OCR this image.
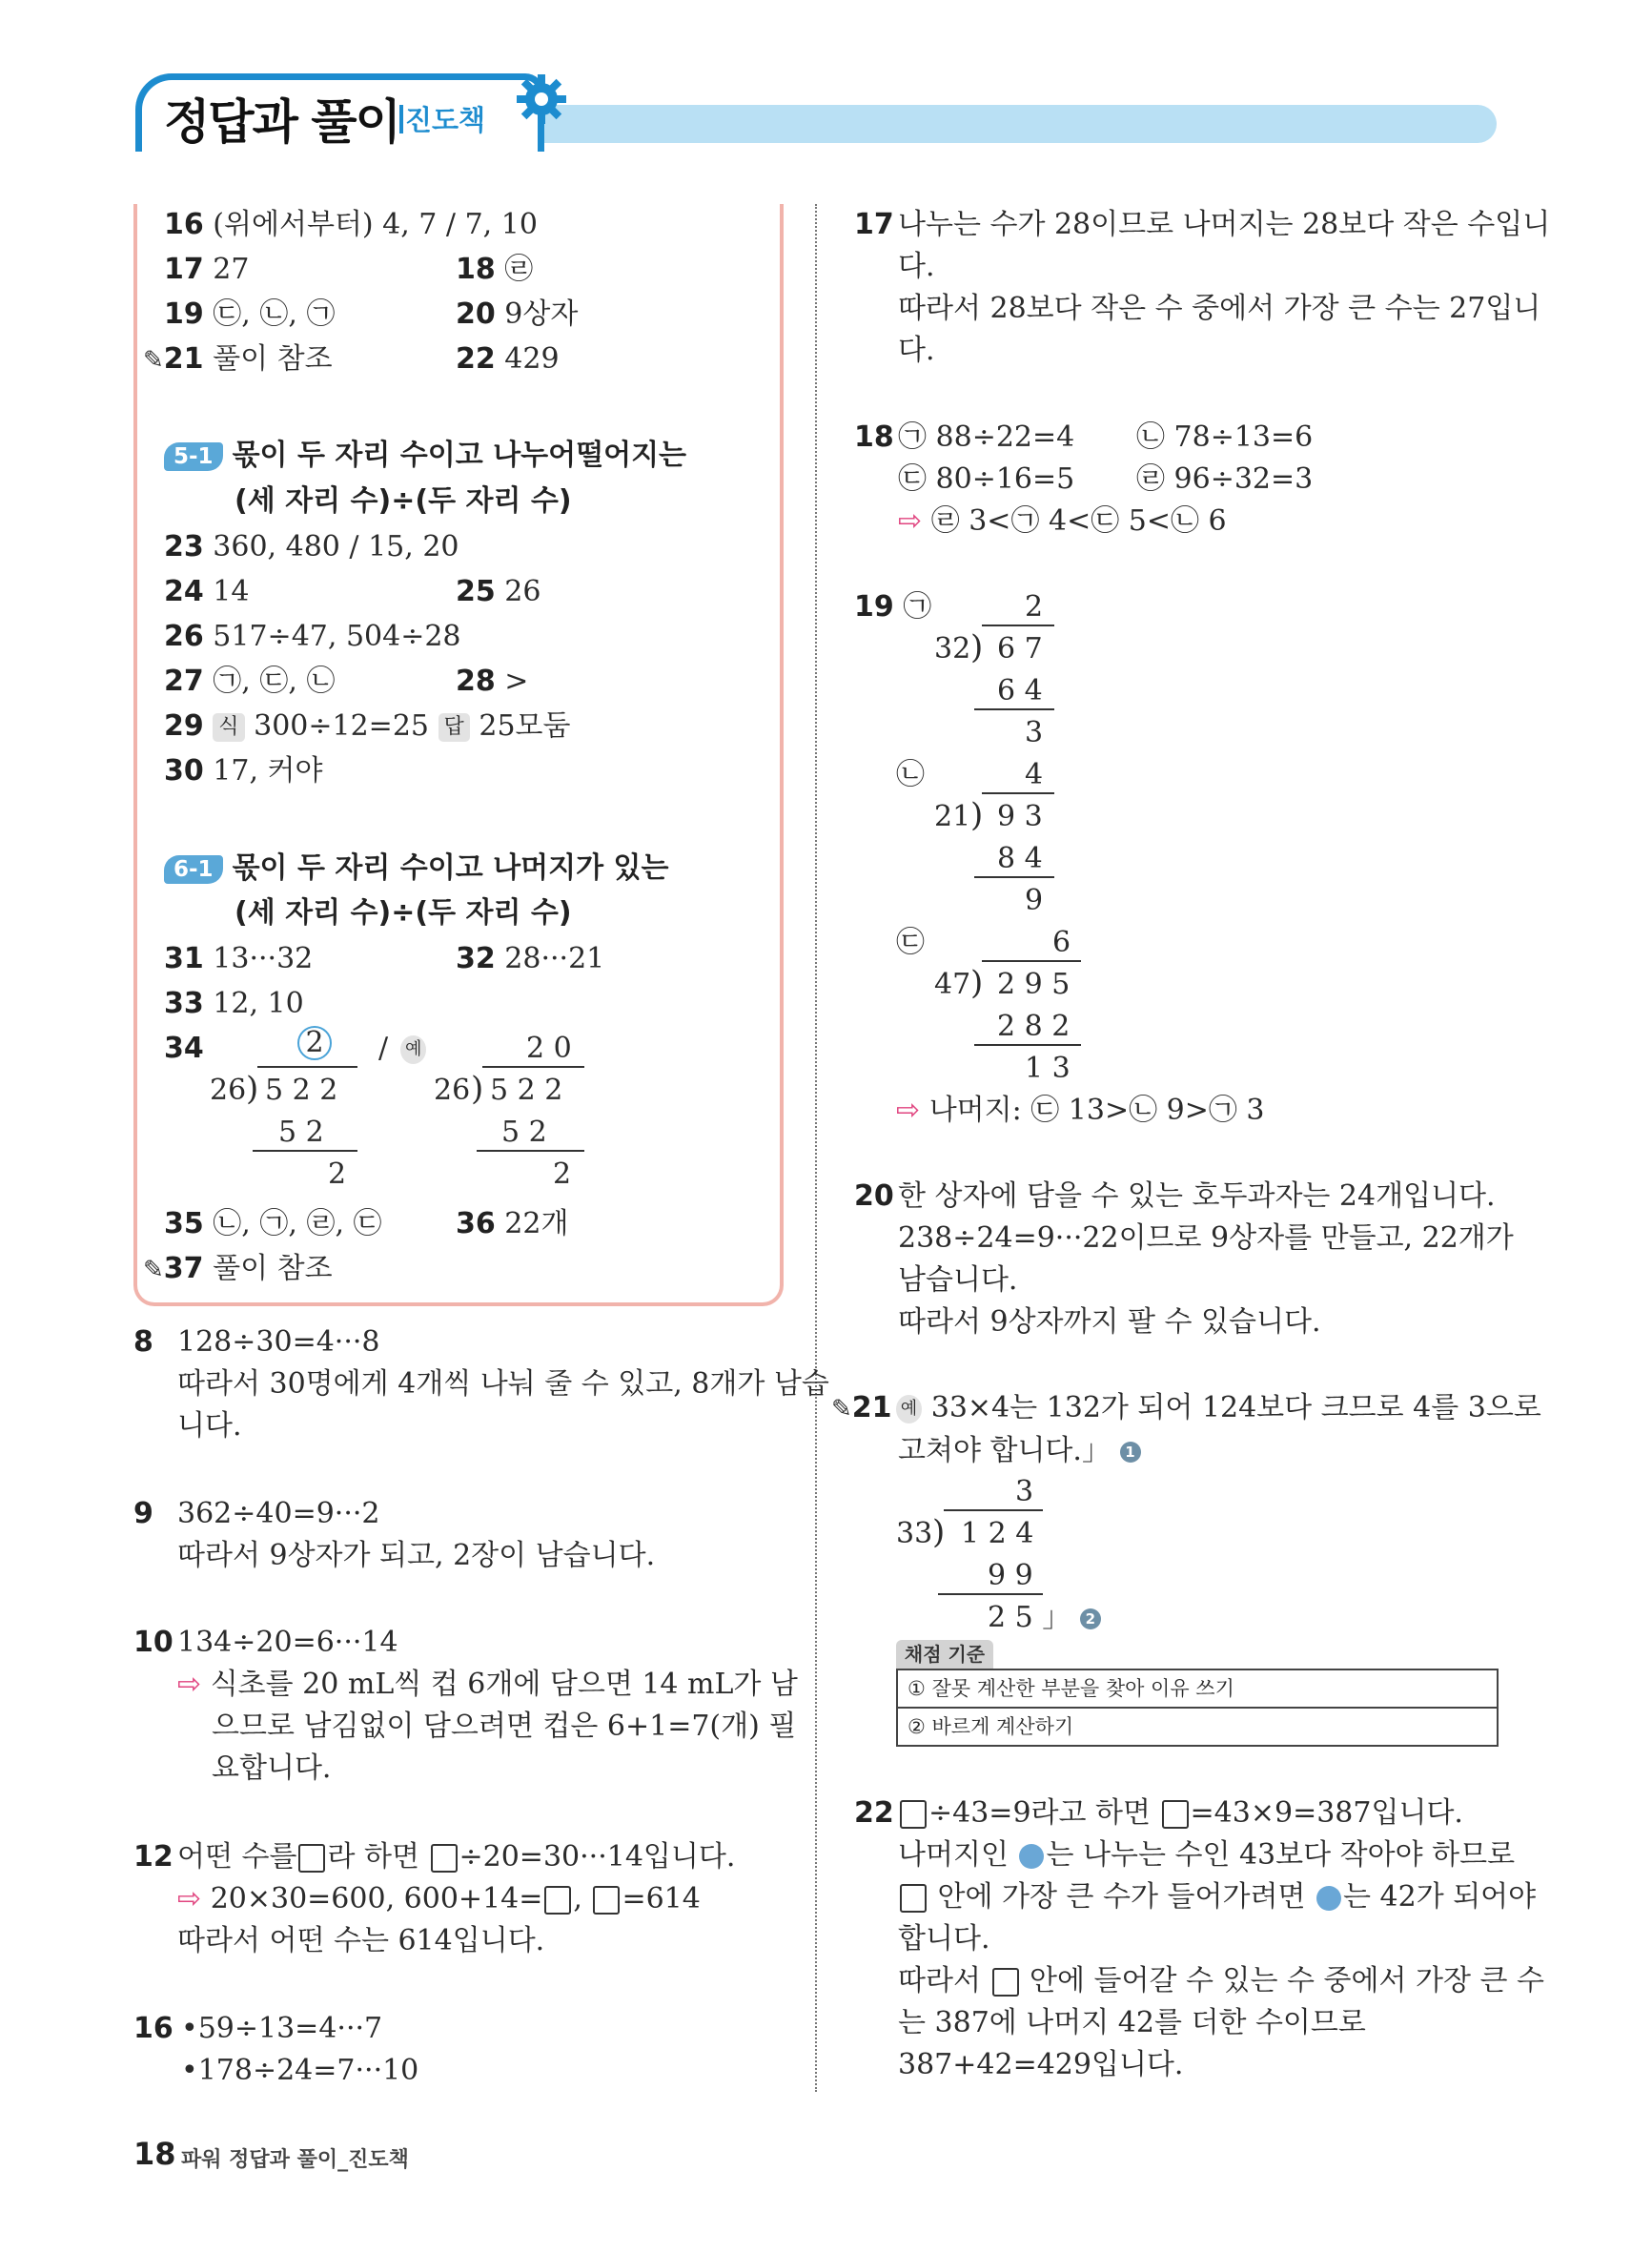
정답과 풀이 진도책
16 (위에서부터) 4, 7 / 7, 10
17 27	18 ㉣
19 ㉢, ㉡, ㉠	20 9상자
✎21 풀이 참조	22 429
5-1 몫이 두 자리 수이고 나누어떨어지는
(세 자리 수)÷(두 자리 수)
23 360, 480 / 15, 20
24 14	25 26
26 517÷47, 504÷28
27 ㉠, ㉢, ㉡	28 >
29 식 300÷12=25 답 25모둠
30 17, 커야
6-1 몫이 두 자리 수이고 나머지가 있는
(세 자리 수)÷(두 자리 수)
31 13···32	32 28···21
33 12, 10
34	2
26 ) 5 2 2
5 2
2
/ 예	2 0
26 ) 5 2 2
5 2
2
35 ㉡, ㉠, ㉣, ㉢	36 22개
✎37 풀이 참조
8 128÷30=4···8
따라서 30명에게 4개씩 나눠 줄 수 있고, 8개가 남습
니다.
9 362÷40=9···2
따라서 9상자가 되고, 2장이 남습니다.
10 134÷20=6···14
⇨ 식초를 20 mL씩 컵 6개에 담으면 14 mL가 남
으므로 남김없이 담으려면 컵은 6+1=7(개) 필
요합니다.
12 어떤 수를 라 하면 ÷20=30···14입니다.
⇨ 20×30=600, 600+14= , =614
따라서 어떤 수는 614입니다.
16 •59÷13=4···7
•178÷24=7···10
17 나누는 수가 28이므로 나머지는 28보다 작은 수입니
다.
따라서 28보다 작은 수 중에서 가장 큰 수는 27입니
다.
18 ㉠ 88÷22=4 ㉡ 78÷13=6
㉢ 80÷16=5 ㉣ 96÷32=3
⇨ ㉣ 3<㉠ 4<㉢ 5<㉡ 6
19 ㉠	2
32 ) 6 7
6 4
3
㉡	4
21 ) 9 3
8 4
9
㉢	6
47 ) 2 9 5
2 8 2
1 3
⇨ 나머지: ㉢ 13>㉡ 9>㉠ 3
20 한 상자에 담을 수 있는 호두과자는 24개입니다.
238÷24=9···22이므로 9상자를 만들고, 22개가
남습니다.
따라서 9상자까지 팔 수 있습니다.
✎21 예 33×4는 132가 되어 124보다 크므로 4를 3으로
고쳐야 합니다.」 1
3
33 ) 1 2 4
9 9
2 5 」 2
채점 기준
① 잘못 계산한 부분을 찾아 이유 쓰기
② 바르게 계산하기
22 ÷43=9라고 하면 =43×9=387입니다.
나머지인 는 나누는 수인 43보다 작아야 하므로
안에 가장 큰 수가 들어가려면 는 42가 되어야
합니다.
따라서 안에 들어갈 수 있는 수 중에서 가장 큰 수
는 387에 나머지 42를 더한 수이므로
387+42=429입니다.
18 파워 정답과 풀이_진도책
